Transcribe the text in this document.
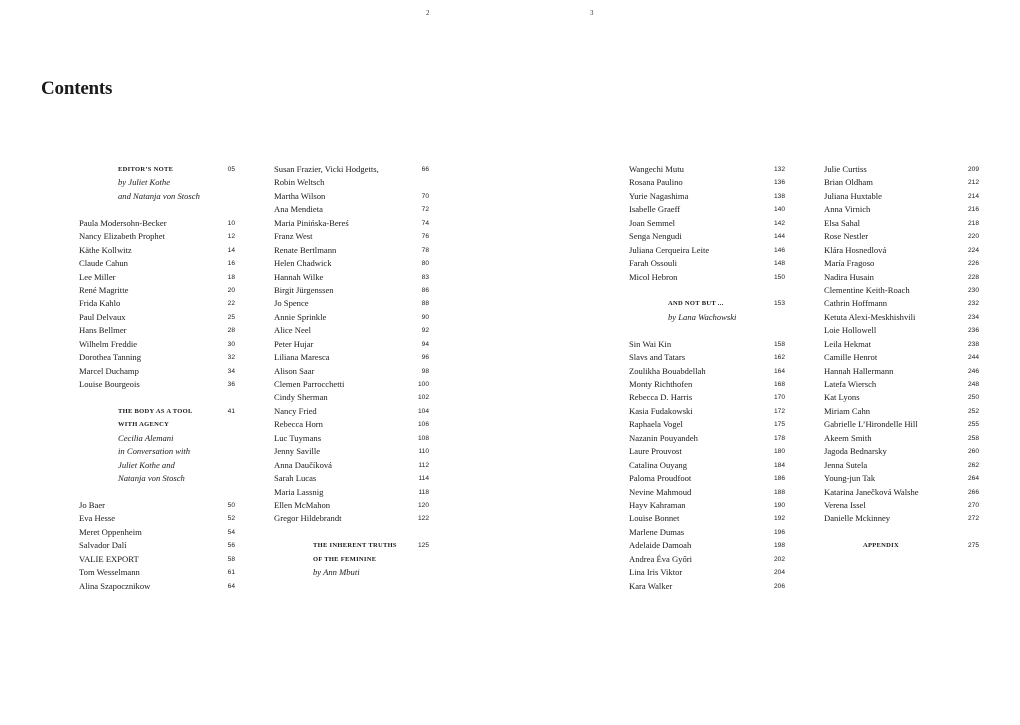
2	3
Contents
EDITOR’S NOTE	05
by Juliet Kothe
and Natanja von Stosch
Paula Modersohn-Becker	10
Nancy Elizabeth Prophet	12
Käthe Kollwitz	14
Claude Cahun	16
Lee Miller	18
René Magritte	20
Frida Kahlo	22
Paul Delvaux	25
Hans Bellmer	28
Wilhelm Freddie	30
Dorothea Tanning	32
Marcel Duchamp	34
Louise Bourgeois	36
THE BODY AS A TOOL	41
WITH AGENCY
Cecilia Alemani
in Conversation with
Juliet Kothe and
Natanja von Stosch
Jo Baer	50
Eva Hesse	52
Meret Oppenheim	54
Salvador Dalí	56
VALIE EXPORT	58
Tom Wesselmann	61
Alina Szapocznikow	64
Susan Frazier, Vicki Hodgetts,	66
Robin Weltsch
Martha Wilson	70
Ana Mendieta	72
Maria Pinińska-Bereś	74
Franz West	76
Renate Bertlmann	78
Helen Chadwick	80
Hannah Wilke	83
Birgit Jürgenssen	86
Jo Spence	88
Annie Sprinkle	90
Alice Neel	92
Peter Hujar	94
Liliana Maresca	96
Alison Saar	98
Clemen Parrocchetti	100
Cindy Sherman	102
Nancy Fried	104
Rebecca Horn	106
Luc Tuymans	108
Jenny Saville	110
Anna Daučíková	112
Sarah Lucas	114
Maria Lassnig	118
Ellen McMahon	120
Gregor Hildebrandt	122
THE INHERENT TRUTHS	125
OF THE FEMININE
by Ann Mbuti
Wangechi Mutu	132
Rosana Paulino	136
Yurie Nagashima	138
Isabelle Graeff	140
Joan Semmel	142
Senga Nengudi	144
Juliana Cerqueira Leite	146
Farah Ossouli	148
Micol Hebron	150
AND NOT BUT ...	153
by Lana Wachowski
Sin Wai Kin	158
Slavs and Tatars	162
Zoulikha Bouabdellah	164
Monty Richthofen	168
Rebecca D. Harris	170
Kasia Fudakowski	172
Raphaela Vogel	175
Nazanin Pouyandeh	178
Laure Prouvost	180
Catalina Ouyang	184
Paloma Proudfoot	186
Nevine Mahmoud	188
Hayv Kahraman	190
Louise Bonnet	192
Marlene Dumas	196
Adelaide Damoah	198
Andrea Éva Győri	202
Lina Iris Viktor	204
Kara Walker	206
Julie Curtiss	209
Brian Oldham	212
Juliana Huxtable	214
Anna Virnich	216
Elsa Sahal	218
Rose Nestler	220
Klára Hosnedlová	224
María Fragoso	226
Nadira Husain	228
Clementine Keith-Roach	230
Cathrin Hoffmann	232
Ketuta Alexi-Meskhishvili	234
Loie Hollowell	236
Leila Hekmat	238
Camille Henrot	244
Hannah Hallermann	246
Latefa Wiersch	248
Kat Lyons	250
Miriam Cahn	252
Gabrielle L’Hirondelle Hill	255
Akeem Smith	258
Jagoda Bednarsky	260
Jenna Sutela	262
Young-jun Tak	264
Katarina Janečková Walshe	266
Verena Issel	270
Danielle Mckinney	272
APPENDIX	275
